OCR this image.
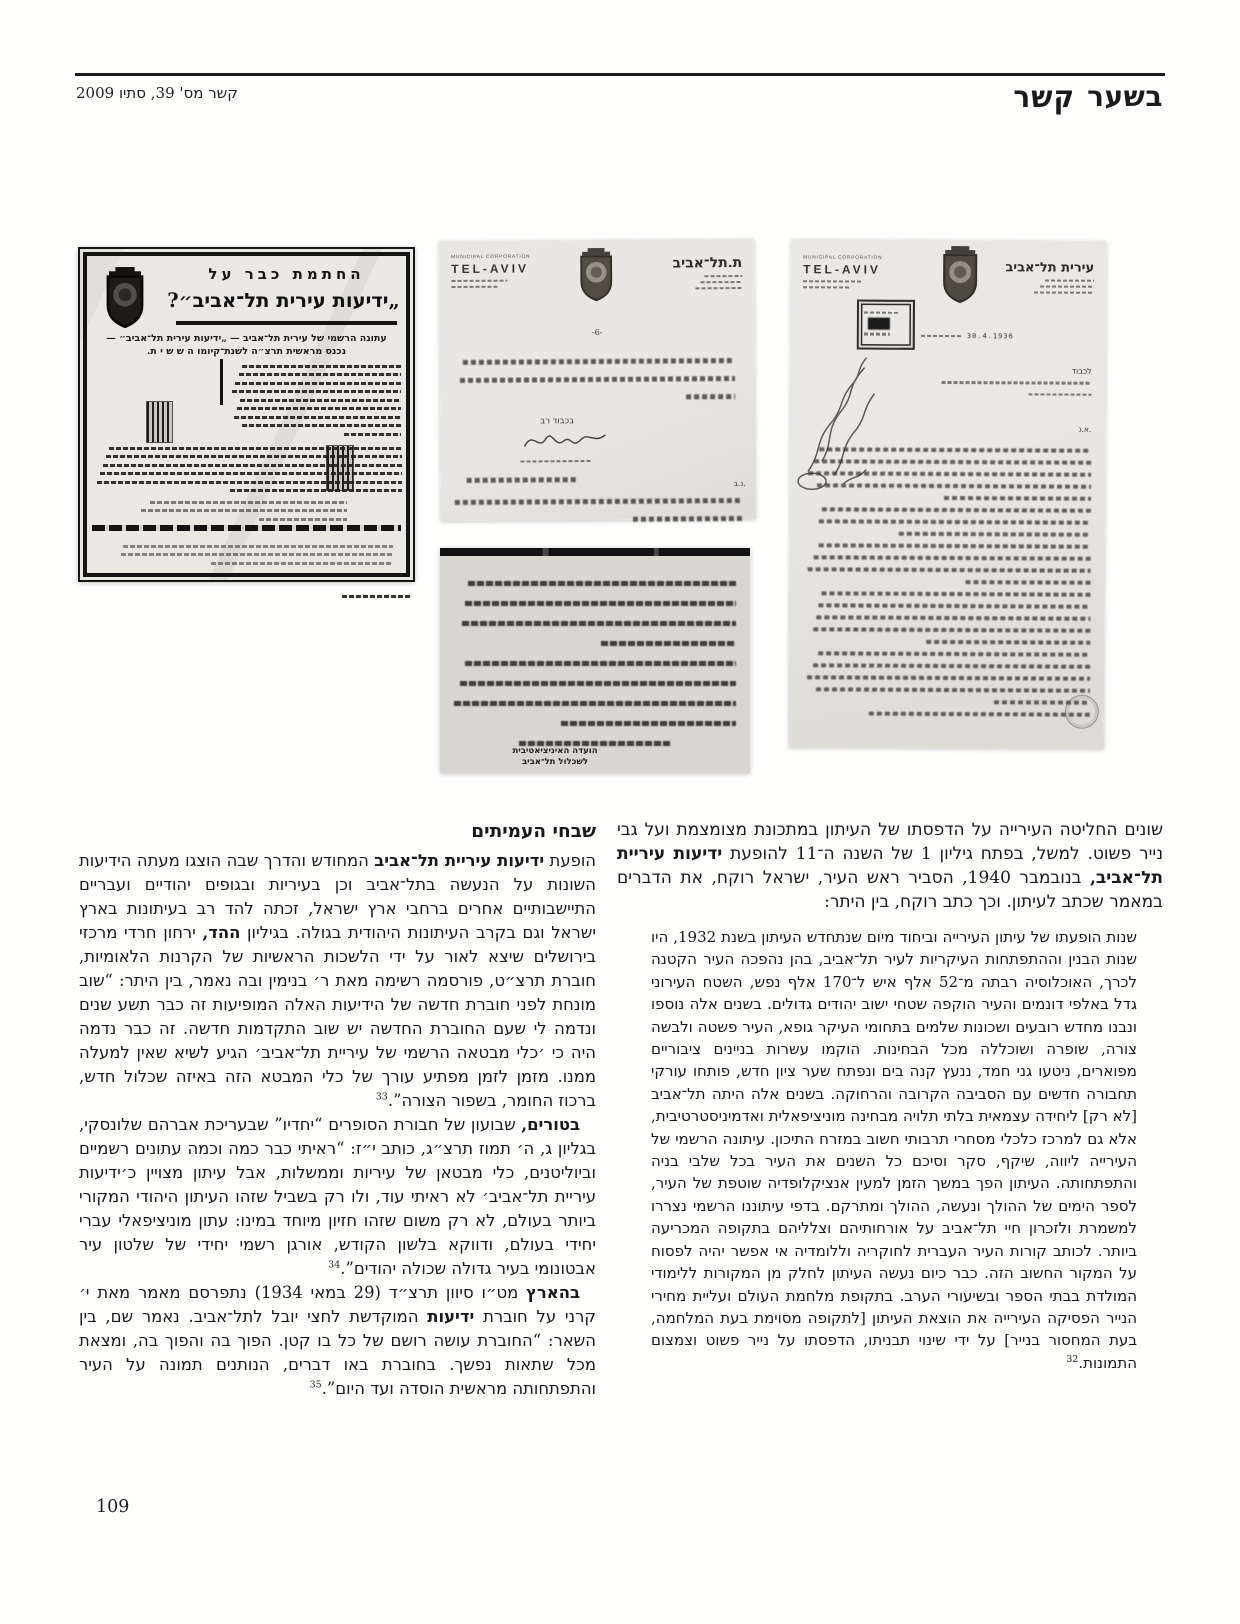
קשר מס' 39, סתיו 2009	בשער קשר
החתמת כבר על
„ידיעות עירית תל־אביב״?
עתונה הרשמי של עירית תל־אביב — „ידיעות עירית תל־אביב״ —
נכנס מראשית תרצ״ה לשנת־קיומו ה ש ש י ת.
MUNICIPAL CORPORATION
TEL-AVIV	ת.תל־אביב
-6-
בכבוד רב
נ.ב.
MUNICIPAL CORPORATION
TEL-AVIV	עירית תל־אביב
30.4.1936
לכבוד
א.נ.
הועדה האיניציאטיבית
לשכלול תל־אביב

שונים החליטה העירייה על הדפסתו של העיתון במתכונת מצומצמת ועל גבי נייר פשוט. למשל, בפתח גיליון 1 של השנה ה־11 להופעת ידיעות עיריית תל־אביב, בנובמבר 1940, הסביר ראש העיר, ישראל רוקח, את הדברים במאמר שכתב לעיתון. וכך כתב רוקח, בין היתר:

שנות הופעתו של עיתון העירייה וביחוד מיום שנתחדש העיתון בשנת 1932, היו שנות הבנין וההתפתחות העיקריות לעיר תל־אביב, בהן נהפכה העיר הקטנה לכרך, האוכלוסיה רבתה מ־52 אלף איש ל־170 אלף נפש, השטח העירוני גדל באלפי דונמים והעיר הוקפה שטחי ישוב יהודים גדולים. בשנים אלה נוספו ונבנו מחדש רובעים ושכונות שלמים בתחומי העיקר גופא, העיר פשטה ולבשה צורה, שופרה ושוכללה מכל הבחינות. הוקמו עשרות בניינים ציבוריים מפוארים, ניטעו גני חמד, ננעץ קנה בים ונפתח שער ציון חדש, פותחו עורקי תחבורה חדשים עם הסביבה הקרובה והרחוקה. בשנים אלה היתה תל־אביב [לא רק] ליחידה עצמאית בלתי תלויה מבחינה מוניציפאלית ואדמיניסטרטיבית, אלא גם למרכז כלכלי מסחרי תרבותי חשוב במזרח התיכון. עיתונה הרשמי של העירייה ליווה, שיקף, סקר וסיכם כל השנים את העיר בכל שלבי בניה והתפתחותה. העיתון הפך במשך הזמן למעין אנציקלופדיה שוטפת של העיר, לספר הימים של ההולך ונעשה, ההולך ומתרקם. בדפי עיתוננו הרשמי נצררו למשמרת ולזכרון חיי תל־אביב על אורחותיהם וצלליהם בתקופה המכריעה ביותר. לכותב קורות העיר העברית לחוקריה וללומדיה אי אפשר יהיה לפסוח על המקור החשוב הזה. כבר כיום נעשה העיתון לחלק מן המקורות ללימודי המולדת בבתי הספר ובשיעורי הערב. בתקופת מלחמת העולם ועליית מחירי הנייר הפסיקה העירייה את הוצאת העיתון [לתקופה מסוימת בעת המלחמה, בעת המחסור בנייר] על ידי שינוי תבניתו, הדפסתו על נייר פשוט וצמצום התמונות.$^{32}$
שבחי העמיתים

הופעת ידיעות עיריית תל־אביב המחודש והדרך שבה הוצגו מעתה הידיעות השונות על הנעשה בתל־אביב וכן בעיריות ובגופים יהודיים ועבריים התיישבותיים אחרים ברחבי ארץ ישראל, זכתה להד רב בעיתונות בארץ ישראל וגם בקרב העיתונות היהודית בגולה. בגיליון ההד, ירחון חרדי מרכזי בירושלים שיצא לאור על ידי הלשכות הראשיות של הקרנות הלאומיות, חוברת תרצ״ט, פורסמה רשימה מאת ר׳ בנימין ובה נאמר, בין היתר: “שוב מונחת לפני חוברת חדשה של הידיעות האלה המופיעות זה כבר תשע שנים ונדמה לי שעם החוברת החדשה יש שוב התקדמות חדשה. זה כבר נדמה היה כי ׳כלי מבטאה הרשמי של עיריית תל־אביב׳ הגיע לשיא שאין למעלה ממנו. מזמן לזמן מפתיע עורך של כלי המבטא הזה באיזה שכלול חדש, ברכוז החומר, בשפור הצורה”.$^{33}$

בטורים, שבועון של חבורת הסופרים “יחדיו” שבעריכת אברהם שלונסקי, בגליון ג, ה׳ תמוז תרצ״ג, כותב י״ז: “ראיתי כבר כמה וכמה עתונים רשמיים וביוליטנים, כלי מבטאן של עיריות וממשלות, אבל עיתון מצויין כ׳ידיעות עיריית תל־אביב׳ לא ראיתי עוד, ולו רק בשביל שזהו העיתון היהודי המקורי ביותר בעולם, לא רק משום שזהו חזיון מיוחד במינו: עתון מוניציפאלי עברי יחידי בעולם, ודווקא בלשון הקודש, אורגן רשמי יחידי של שלטון עיר אבטונומי בעיר גדולה שכולה יהודים”.$^{34}$

בהארץ מט״ו סיוון תרצ״ד (29 במאי 1934) נתפרסם מאמר מאת י׳ קרני על חוברת ידיעות המוקדשת לחצי יובל לתל־אביב. נאמר שם, בין השאר: “החוברת עושה רושם של כל בו קטן. הפוך בה והפוך בה, ומצאת מכל שתאות נפשך. בחוברת באו דברים, הנותנים תמונה על העיר והתפתחותה מראשית הוסדה ועד היום”.$^{35}$

109
